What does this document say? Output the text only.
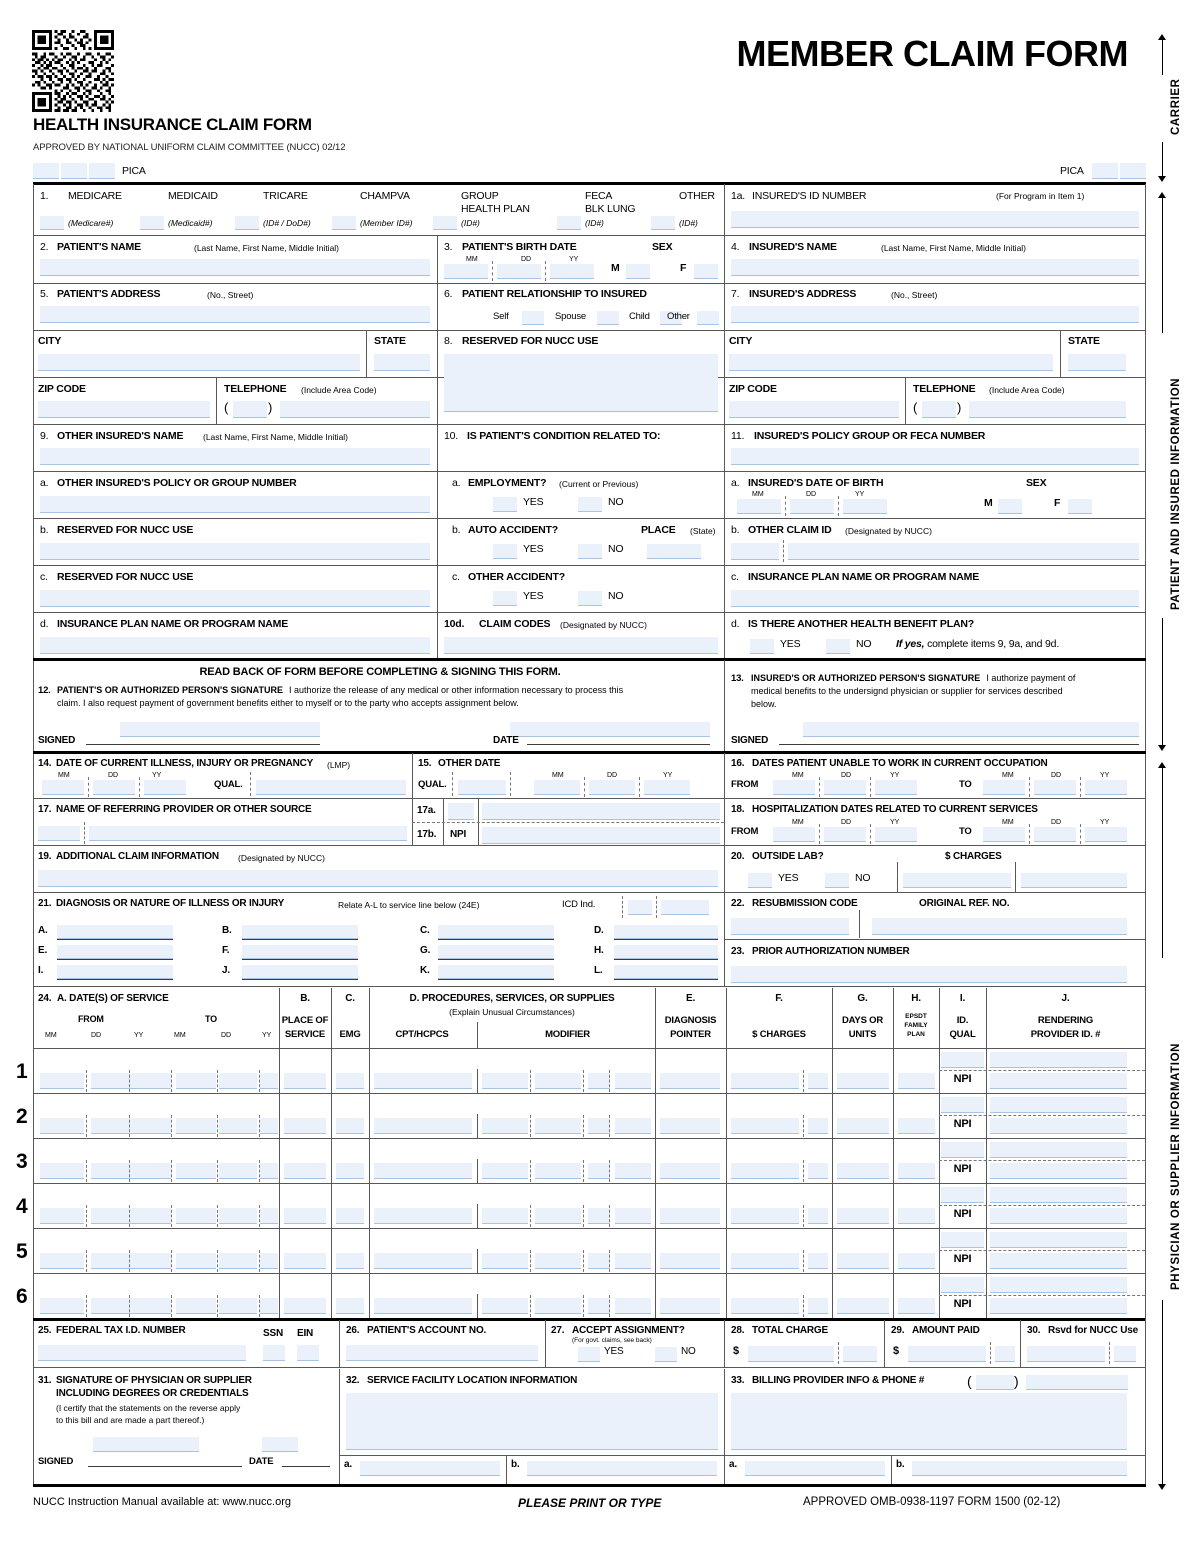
MEMBER CLAIM FORM
HEALTH INSURANCE CLAIM FORM
APPROVED BY NATIONAL UNIFORM CLAIM COMMITTEE (NUCC) 02/12
PICA	PICA
CARRIER
PATIENT AND INSURED INFORMATION
PHYSICIAN OR SUPPLIER INFORMATION
1. MEDICARE
(Medicare#)
MEDICAID
(Medicaid#)
TRICARE
(ID# / DoD#)
CHAMPVA
(Member ID#)
GROUP
HEALTH PLAN
(ID#)
FECA
BLK LUNG
(ID#)
OTHER
(ID#)
1a. INSURED'S ID NUMBER	(For Program in Item 1)
2. PATIENT'S NAME	(Last Name, First Name, Middle Initial)	3. PATIENT'S BIRTH DATE	SEX
MM	DD	YY
M	F
4. INSURED'S NAME	(Last Name, First Name, Middle Initial)
5. PATIENT'S ADDRESS	(No., Street)	6. PATIENT RELATIONSHIP TO INSURED
Self	Spouse	Child Other
7. INSURED'S ADDRESS	(No., Street)
CITY	STATE	8. RESERVED FOR NUCC USE	CITY	STATE
ZIP CODE	TELEPHONE (Include Area Code)
(	)
ZIP CODE	TELEPHONE (Include Area Code)
(	)
9. OTHER INSURED'S NAME (Last Name, First Name, Middle Initial)	10. IS PATIENT'S CONDITION RELATED TO:	11. INSURED'S POLICY GROUP OR FECA NUMBER
a. OTHER INSURED'S POLICY OR GROUP NUMBER	a. EMPLOYMENT? (Current or Previous)
YES	NO
a. INSURED'S DATE OF BIRTH	SEX
MM	DD	YY
M	F
b. RESERVED FOR NUCC USE	b. AUTO ACCIDENT?	PLACE (State)
YES	NO
b. OTHER CLAIM ID (Designated by NUCC)
c. RESERVED FOR NUCC USE	c. OTHER ACCIDENT?
YES	NO
c. INSURANCE PLAN NAME OR PROGRAM NAME
d. INSURANCE PLAN NAME OR PROGRAM NAME	10d. CLAIM CODES (Designated by NUCC)	d. IS THERE ANOTHER HEALTH BENEFIT PLAN?
YES	NO If yes, complete items 9, 9a, and 9d.
READ BACK OF FORM BEFORE COMPLETING & SIGNING THIS FORM.
12. PATIENT'S OR AUTHORIZED PERSON'S SIGNATURE I authorize the release of any medical or other information necessary to process this
claim. I also request payment of government benefits either to myself or to the party who accepts assignment below.
SIGNED	DATE
13. INSURED'S OR AUTHORIZED PERSON'S SIGNATURE I authorize payment of
medical benefits to the undersignd physician or supplier for services described
below.
SIGNED
14. DATE OF CURRENT ILLNESS, INJURY OR PREGNANCY (LMP)
MM	DD	YY
QUAL.
15. OTHER DATE
QUAL.
MM	DD	YY
16. DATES PATIENT UNABLE TO WORK IN CURRENT OCCUPATION
FROM
MM	DD	YY
TO
MM	DD	YY
17. NAME OF REFERRING PROVIDER OR OTHER SOURCE	17a.
17b. NPI
18. HOSPITALIZATION DATES RELATED TO CURRENT SERVICES
FROM
MM	DD	YY
TO
MM	DD	YY
19. ADDITIONAL CLAIM INFORMATION (Designated by NUCC)	20. OUTSIDE LAB?	$ CHARGES
YES	NO
21. DIAGNOSIS OR NATURE OF ILLNESS OR INJURY	Relate A-L to service line below (24E)	ICD Ind.
A.	B.	C.	D.
E.	F.	G.	H.
I.	J.	K.	L.
22. RESUBMISSION CODE	ORIGINAL REF. NO.
23. PRIOR AUTHORIZATION NUMBER
24. A. DATE(S) OF SERVICE
FROM	TO
MM	DD	YY	MM	DD	YY
B.
PLACE OF
SERVICE
C.
EMG
D. PROCEDURES, SERVICES, OR SUPPLIES
(Explain Unusual Circumstances)
CPT/HCPCS	MODIFIER
E.
DIAGNOSIS
POINTER
F.
$ CHARGES
G.
DAYS OR
UNITS
H.
EPSDT
FAMILY
PLAN
I.
ID.
QUAL
J.
RENDERING
PROVIDER ID. #
1	NPI
2	NPI
3	NPI
4	NPI
5	NPI
6	NPI
25. FEDERAL TAX I.D. NUMBER	SSN EIN	26. PATIENT'S ACCOUNT NO.	27. ACCEPT ASSIGNMENT?
(For govt. claims, see back)
YES	NO
28. TOTAL CHARGE
$
29. AMOUNT PAID
$
30. Rsvd for NUCC Use
31. SIGNATURE OF PHYSICIAN OR SUPPLIER
INCLUDING DEGREES OR CREDENTIALS
(I certify that the statements on the reverse apply
to this bill and are made a part thereof.)
SIGNED	DATE
32. SERVICE FACILITY LOCATION INFORMATION
a.	b.
33. BILLING PROVIDER INFO & PHONE #	(	)
a.	b.
NUCC Instruction Manual available at: www.nucc.org	PLEASE PRINT OR TYPE	APPROVED OMB-0938-1197 FORM 1500 (02-12)
